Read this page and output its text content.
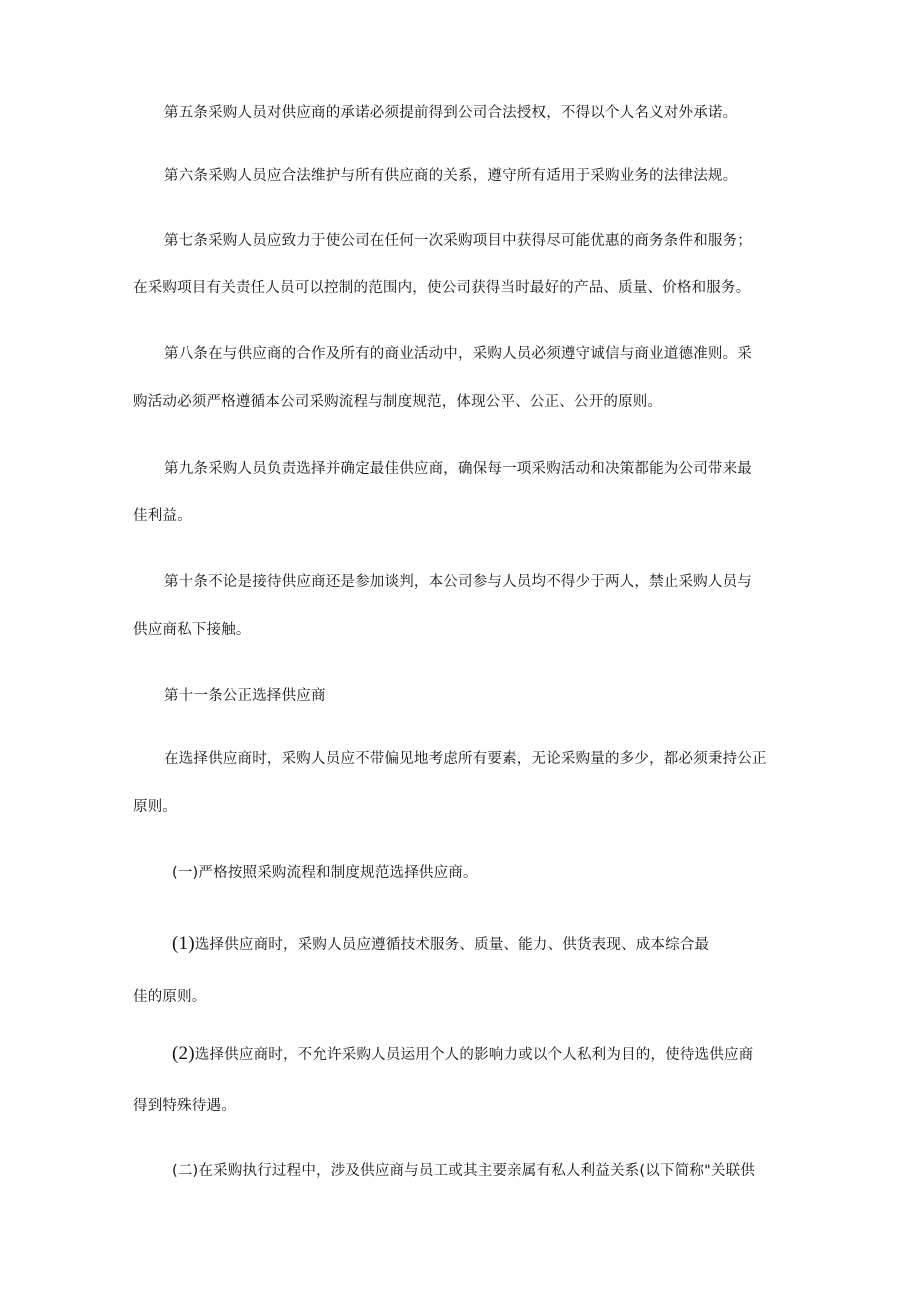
第五条采购人员对供应商的承诺必须提前得到公司合法授权，不得以个人名义对外承诺。
第六条采购人员应合法维护与所有供应商的关系，遵守所有适用于采购业务的法律法规。
第七条采购人员应致力于使公司在任何一次采购项目中获得尽可能优惠的商务条件和服务；
在采购项目有关责任人员可以控制的范围内，使公司获得当时最好的产品、质量、价格和服务。
第八条在与供应商的合作及所有的商业活动中，采购人员必须遵守诚信与商业道德准则。采
购活动必须严格遵循本公司采购流程与制度规范，体现公平、公正、公开的原则。
第九条采购人员负责选择并确定最佳供应商，确保每一项采购活动和决策都能为公司带来最
佳利益。
第十条不论是接待供应商还是参加谈判，本公司参与人员均不得少于两人，禁止采购人员与
供应商私下接触。
第十一条公正选择供应商
在选择供应商时，采购人员应不带偏见地考虑所有要素，无论采购量的多少，都必须秉持公正
原则。
(一)严格按照采购流程和制度规范选择供应商。
(1)选择供应商时，采购人员应遵循技术服务、质量、能力、供货表现、成本综合最
佳的原则。
(2)选择供应商时，不允许采购人员运用个人的影响力或以个人私利为目的，使待选供应商
得到特殊待遇。
(二)在采购执行过程中，涉及供应商与员工或其主要亲属有私人利益关系(以下简称"关联供
